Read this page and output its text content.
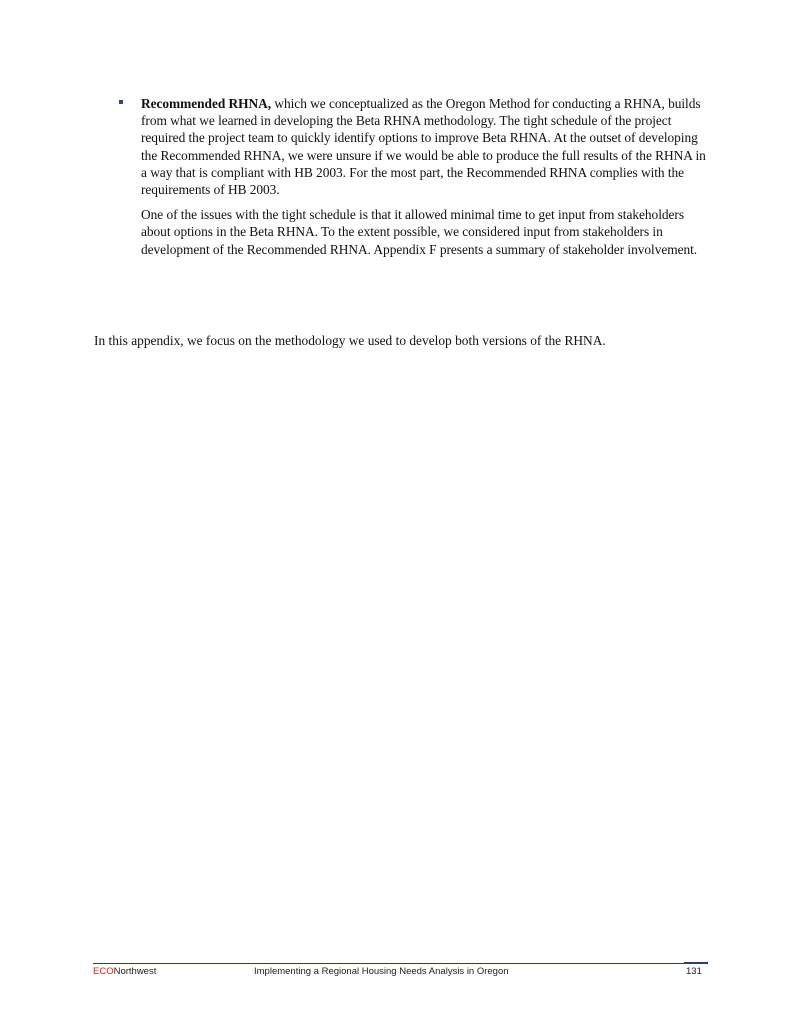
Recommended RHNA, which we conceptualized as the Oregon Method for conducting a RHNA, builds from what we learned in developing the Beta RHNA methodology. The tight schedule of the project required the project team to quickly identify options to improve Beta RHNA. At the outset of developing the Recommended RHNA, we were unsure if we would be able to produce the full results of the RHNA in a way that is compliant with HB 2003. For the most part, the Recommended RHNA complies with the requirements of HB 2003.

One of the issues with the tight schedule is that it allowed minimal time to get input from stakeholders about options in the Beta RHNA. To the extent possible, we considered input from stakeholders in development of the Recommended RHNA. Appendix F presents a summary of stakeholder involvement.

In this appendix, we focus on the methodology we used to develop both versions of the RHNA.

ECONorthwest	Implementing a Regional Housing Needs Analysis in Oregon	131
